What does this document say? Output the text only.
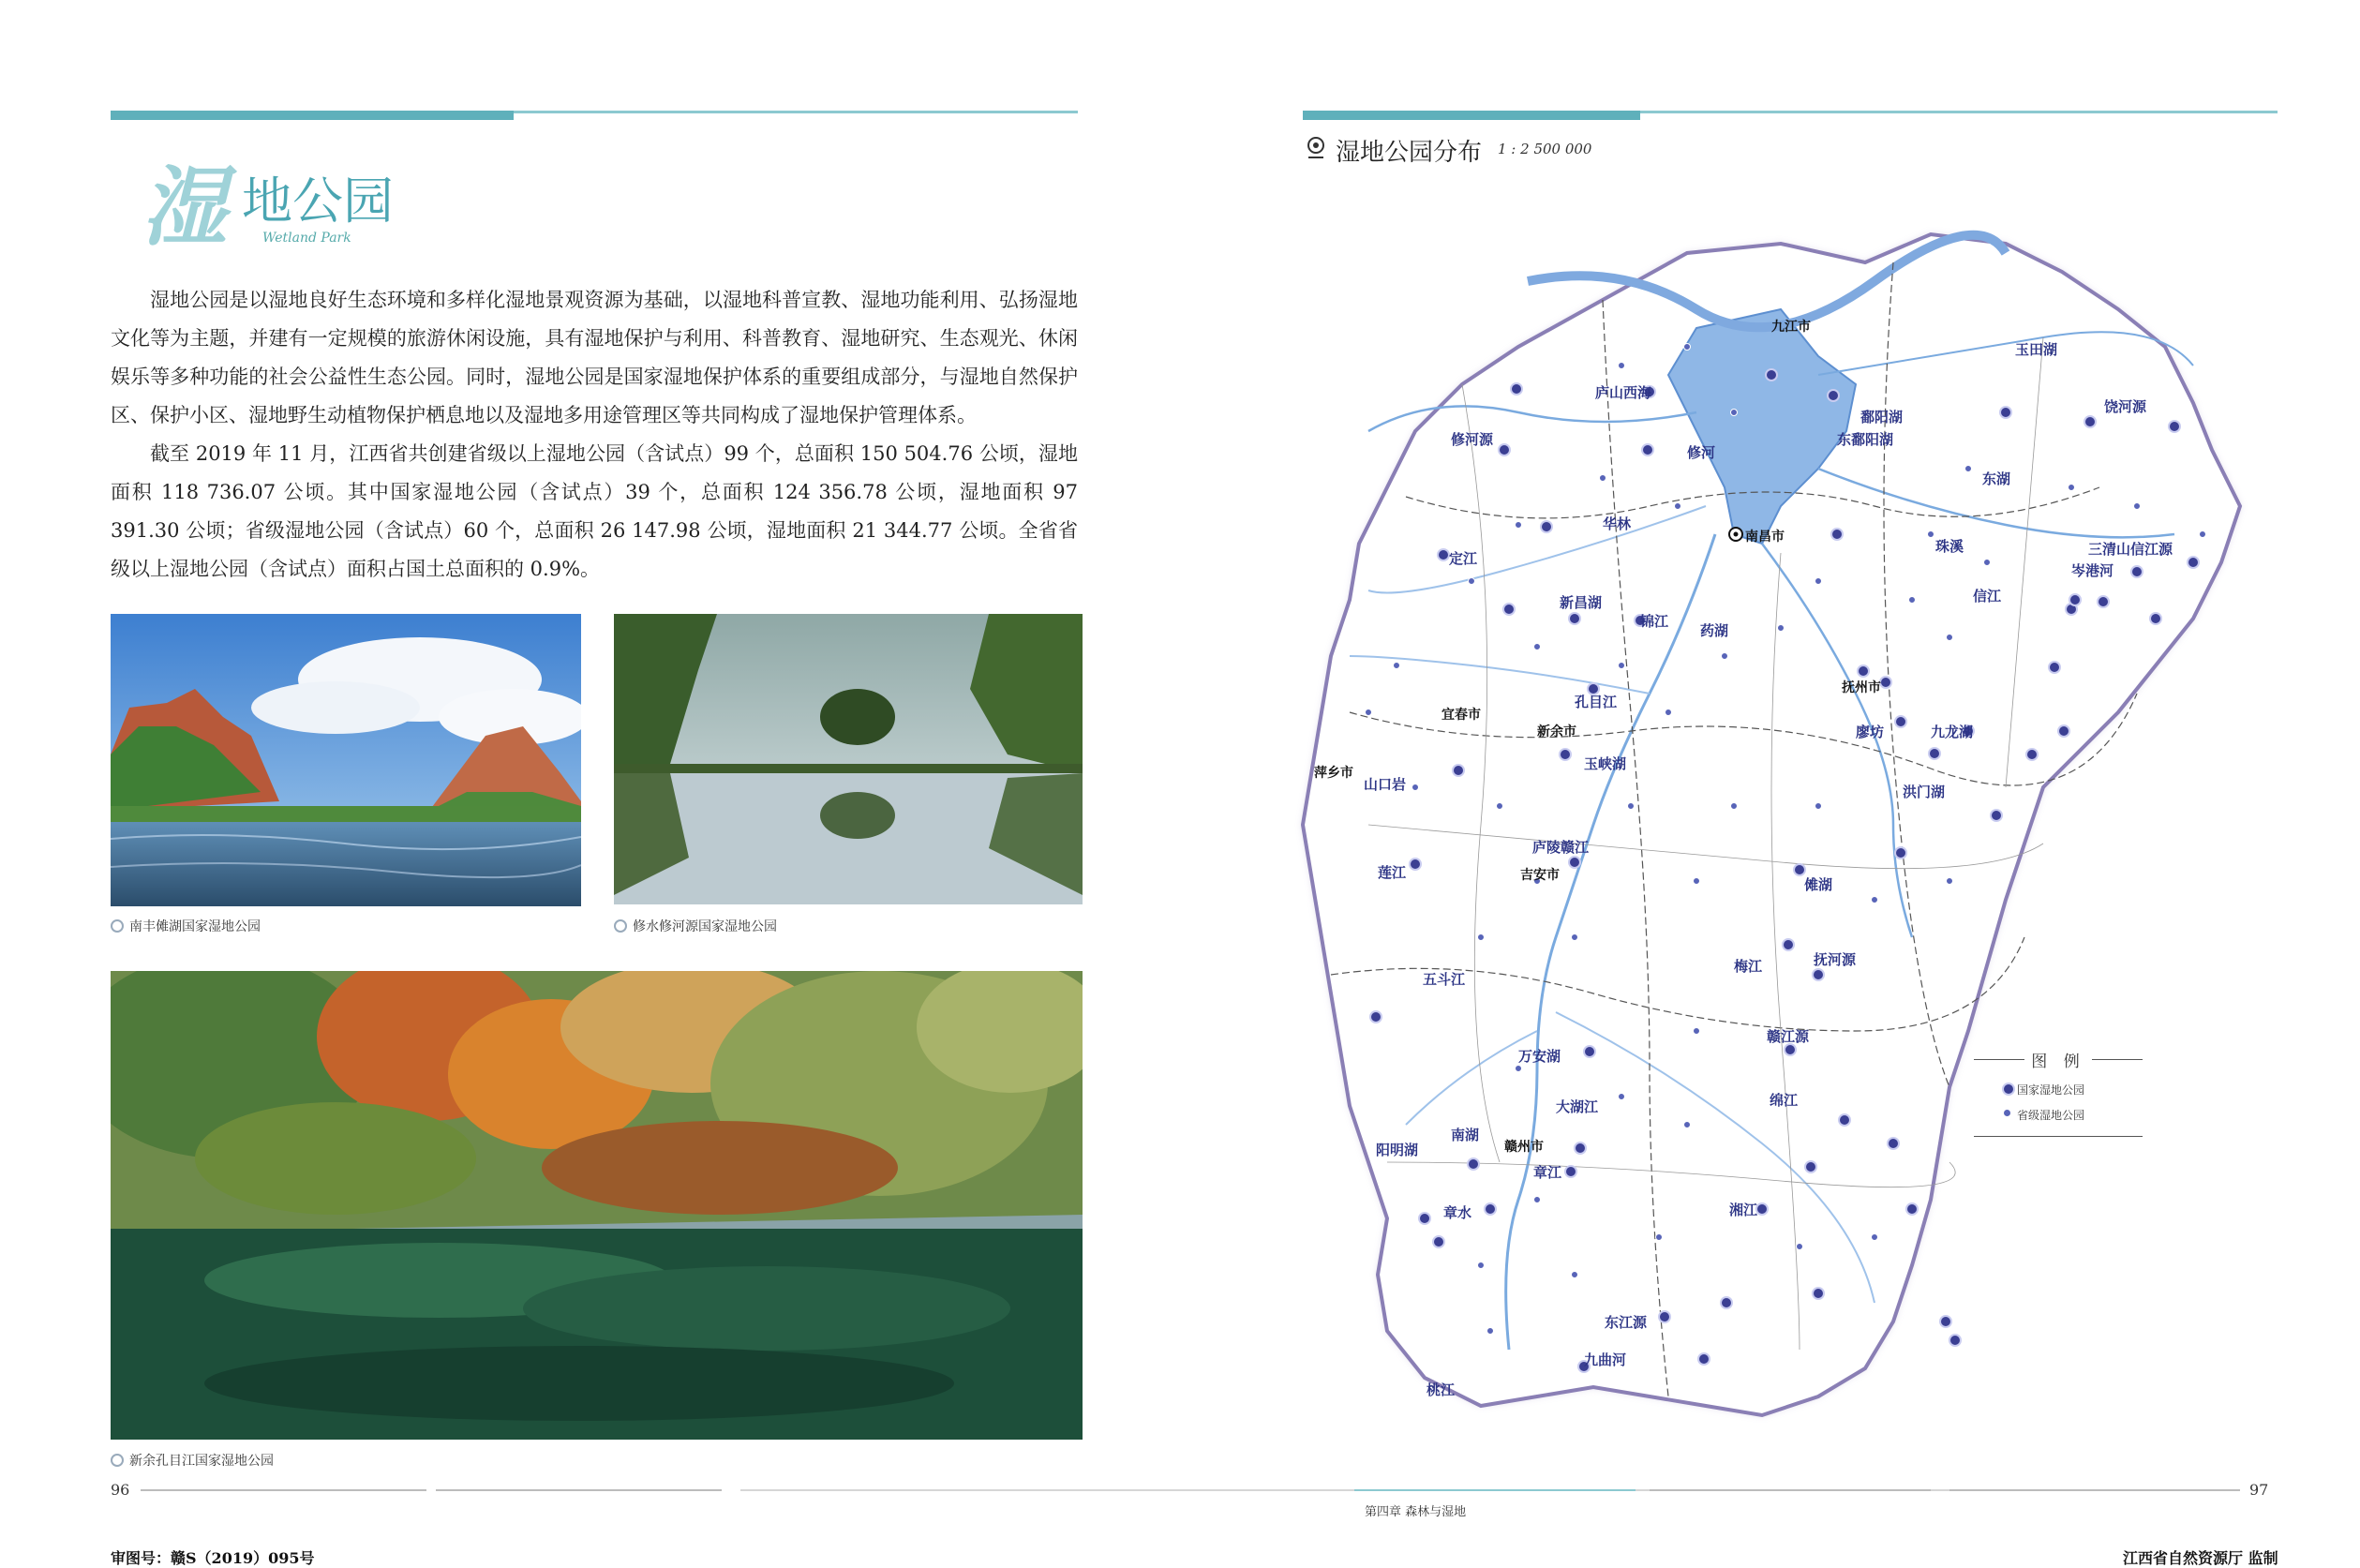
湿 地公园
Wetland Park

湿地公园是以湿地良好生态环境和多样化湿地景观资源为基础，以湿地科普宣教、湿地功能利用、弘扬湿地文化等为主题，并建有一定规模的旅游休闲设施，具有湿地保护与利用、科普教育、湿地研究、生态观光、休闲娱乐等多种功能的社会公益性生态公园。同时，湿地公园是国家湿地保护体系的重要组成部分，与湿地自然保护区、保护小区、湿地野生动植物保护栖息地以及湿地多用途管理区等共同构成了湿地保护管理体系。

截至 2019 年 11 月，江西省共创建省级以上湿地公园（含试点）99 个，总面积 150 504.76 公顷，湿地面积 118 736.07 公顷。其中国家湿地公园（含试点）39 个，总面积 124 356.78 公顷，湿地面积 97 391.30 公顷；省级湿地公园（含试点）60 个，总面积 26 147.98 公顷，湿地面积 21 344.77 公顷。全省省级以上湿地公园（含试点）面积占国土总面积的 0.9%。

南丰傩湖国家湿地公园	修水修河源国家湿地公园
新余孔目江国家湿地公园
96
审图号：赣S（2019）095号
湿地公园分布 1 : 2 500 000
南昌市
九江市
东鄱阳湖
庐山西海
修河源
修河
华林
定江
新昌湖
锦江
药湖
宜春市
新余市
孔目江
玉峡湖
萍乡市
山口岩
庐陵赣江
吉安市
莲江
五斗江
万安湖
大湖江
赣州市
章江
章水
南湖
阳明湖
桃江
东江源
九曲河
湘江
绵江
赣江源
抚河源
梅江
傩湖
洪门湖
九龙湖
抚州市
廖坊
信江
饶河源
玉田湖
三清山信江源
岑港河
珠溪
东湖
鄱阳湖
图 例
国家湿地公园
省级湿地公园
第四章 森林与湿地
97
江西省自然资源厅 监制
